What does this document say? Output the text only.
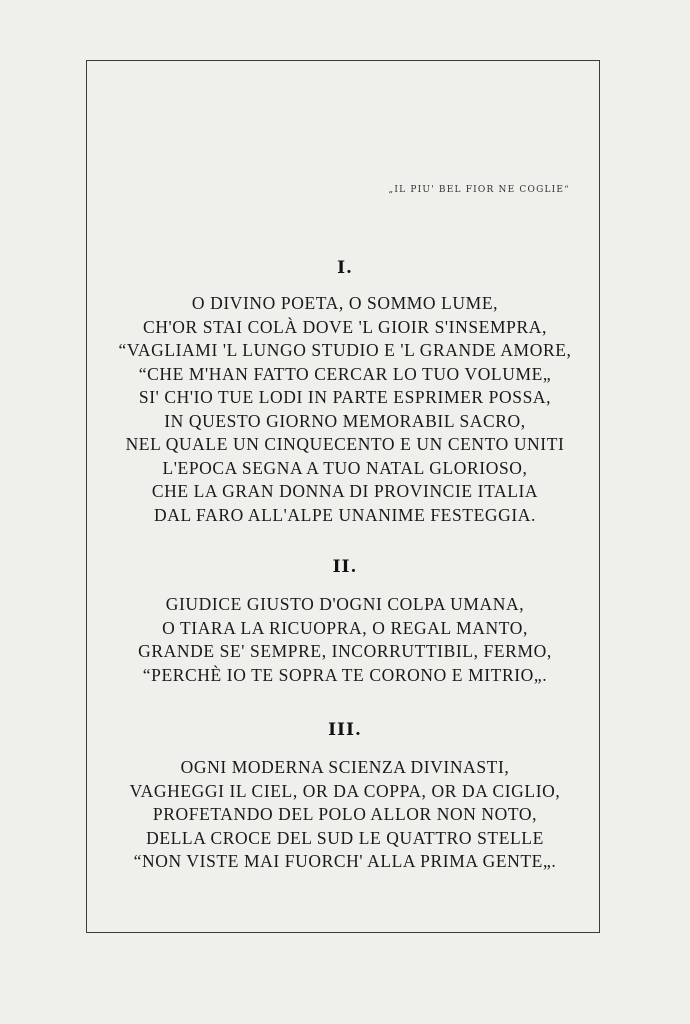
„IL PIU' BEL FIOR NE COGLIE“
I.
O DIVINO POETA, O SOMMO LUME,
CH'OR STAI COLÀ DOVE 'L GIOIR S'INSEMPRA,
“VAGLIAMI 'L LUNGO STUDIO E 'L GRANDE AMORE,
“CHE M'HAN FATTO CERCAR LO TUO VOLUME„
SI' CH'IO TUE LODI IN PARTE ESPRIMER POSSA,
IN QUESTO GIORNO MEMORABIL SACRO,
NEL QUALE UN CINQUECENTO E UN CENTO UNITI
L'EPOCA SEGNA A TUO NATAL GLORIOSO,
CHE LA GRAN DONNA DI PROVINCIE ITALIA
DAL FARO ALL'ALPE UNANIME FESTEGGIA.
II.
GIUDICE GIUSTO D'OGNI COLPA UMANA,
O TIARA LA RICUOPRA, O REGAL MANTO,
GRANDE SE' SEMPRE, INCORRUTTIBIL, FERMO,
“PERCHÈ IO TE SOPRA TE CORONO E MITRIO„.
III.
OGNI MODERNA SCIENZA DIVINASTI,
VAGHEGGI IL CIEL, OR DA COPPA, OR DA CIGLIO,
PROFETANDO DEL POLO ALLOR NON NOTO,
DELLA CROCE DEL SUD LE QUATTRO STELLE
“NON VISTE MAI FUORCH' ALLA PRIMA GENTE„.
